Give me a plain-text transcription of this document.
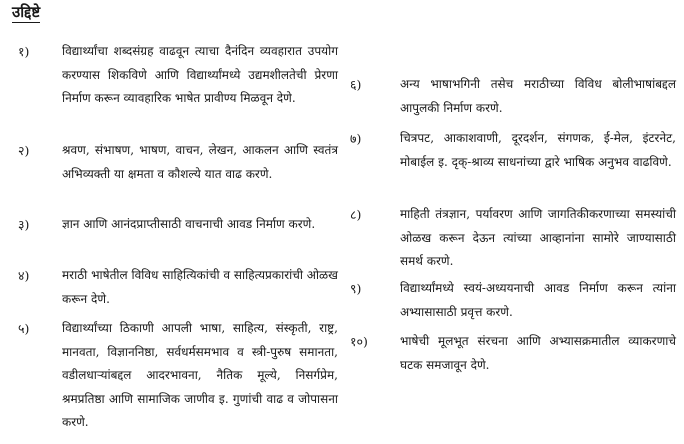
उद्दिष्टे
१)	विद्यार्थ्यांचा शब्दसंग्रह वाढवून त्याचा दैनंदिन व्यवहारात उपयोग करण्यास शिकविणे आणि विद्यार्थ्यांमध्ये उद्यमशीलतेची प्रेरणा निर्माण करून व्यावहारिक भाषेत प्रावीण्य मिळवून देणे.
२)	श्रवण, संभाषण, भाषण, वाचन, लेखन, आकलन आणि स्वतंत्र अभिव्यक्ती या क्षमता व कौशल्ये यात वाढ करणे.
३)	ज्ञान आणि आनंदप्राप्तीसाठी वाचनाची आवड निर्माण करणे.
४)	मराठी भाषेतील विविध साहित्यिकांची व साहित्यप्रकारांची ओळख करून देणे.
५)	विद्यार्थ्यांच्या ठिकाणी आपली भाषा, साहित्य, संस्कृती, राष्ट्र, मानवता, विज्ञाननिष्ठा, सर्वधर्मसमभाव व स्त्री-पुरुष समानता, वडीलधाऱ्यांबद्दल आदरभावना, नैतिक मूल्ये, निसर्गप्रेम, श्रमप्रतिष्ठा आणि सामाजिक जाणीव इ. गुणांची वाढ व जोपासना करणे.
६)	अन्य भाषाभगिनी तसेच मराठीच्या विविध बोलीभाषांबद्दल आपुलकी निर्माण करणे.
७)	चित्रपट, आकाशवाणी, दूरदर्शन, संगणक, ई-मेल, इंटरनेट, मोबाईल इ. दृक्-श्राव्य साधनांच्या द्वारे भाषिक अनुभव वाढविणे.
८)	माहिती तंत्रज्ञान, पर्यावरण आणि जागतिकीकरणाच्या समस्यांची ओळख करून देऊन त्यांच्या आव्हानांना सामोरे जाण्यासाठी समर्थ करणे.
९)	विद्यार्थ्यांमध्ये स्वयं-अध्ययनाची आवड निर्माण करून त्यांना अभ्यासासाठी प्रवृत्त करणे.
१०)	भाषेची मूलभूत संरचना आणि अभ्यासक्रमातील व्याकरणाचे घटक समजावून देणे.
